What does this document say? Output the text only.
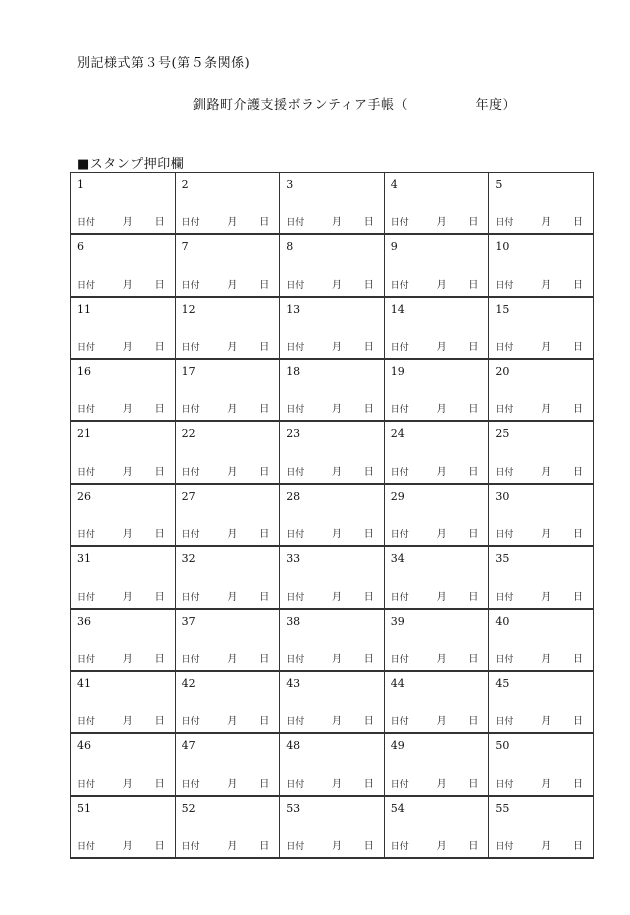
別記様式第３号(第５条関係)
釧路町介護支援ボランティア手帳（　　　　　年度）
■スタンプ押印欄
1
日付	月	日
2
日付	月	日
3
日付	月	日
4
日付	月	日
5
日付	月	日
6
日付	月	日
7
日付	月	日
8
日付	月	日
9
日付	月	日
10
日付	月	日
11
日付	月	日
12
日付	月	日
13
日付	月	日
14
日付	月	日
15
日付	月	日
16
日付	月	日
17
日付	月	日
18
日付	月	日
19
日付	月	日
20
日付	月	日
21
日付	月	日
22
日付	月	日
23
日付	月	日
24
日付	月	日
25
日付	月	日
26
日付	月	日
27
日付	月	日
28
日付	月	日
29
日付	月	日
30
日付	月	日
31
日付	月	日
32
日付	月	日
33
日付	月	日
34
日付	月	日
35
日付	月	日
36
日付	月	日
37
日付	月	日
38
日付	月	日
39
日付	月	日
40
日付	月	日
41
日付	月	日
42
日付	月	日
43
日付	月	日
44
日付	月	日
45
日付	月	日
46
日付	月	日
47
日付	月	日
48
日付	月	日
49
日付	月	日
50
日付	月	日
51
日付	月	日
52
日付	月	日
53
日付	月	日
54
日付	月	日
55
日付	月	日
